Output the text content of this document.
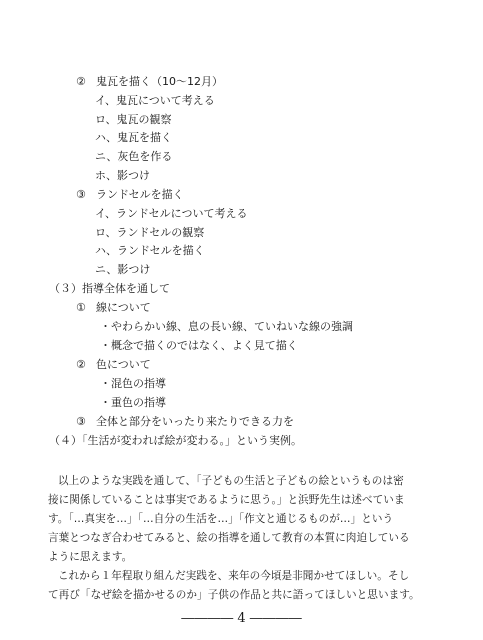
② 鬼瓦を描く（10～12月）
イ、鬼瓦について考える
ロ、鬼瓦の観察
ハ、鬼瓦を描く
ニ、灰色を作る
ホ、影つけ
③ ランドセルを描く
イ、ランドセルについて考える
ロ、ランドセルの観察
ハ、ランドセルを描く
ニ、影つけ
（３）指導全体を通して
① 線について
・やわらかい線、息の長い線、ていねいな線の強調
・概念で描くのではなく、よく見て描く
② 色について
・混色の指導
・重色の指導
③ 全体と部分をいったり来たりできる力を
（４）「生活が変われば絵が変わる。」という実例。
以上のような実践を通して、「子どもの生活と子どもの絵というものは密
接に関係していることは事実であるように思う。」と浜野先生は述べていま
す。「…真実を…」「…自分の生活を…」「作文と通じるものが…」という
言葉とつなぎ合わせてみると、絵の指導を通して教育の本質に肉迫している
ように思えます。
これから１年程取り組んだ実践を、来年の今頃是非聞かせてほしい。そし
て再び「なぜ絵を描かせるのか」子供の作品と共に語ってほしいと思います。
―――― 4 ――――
